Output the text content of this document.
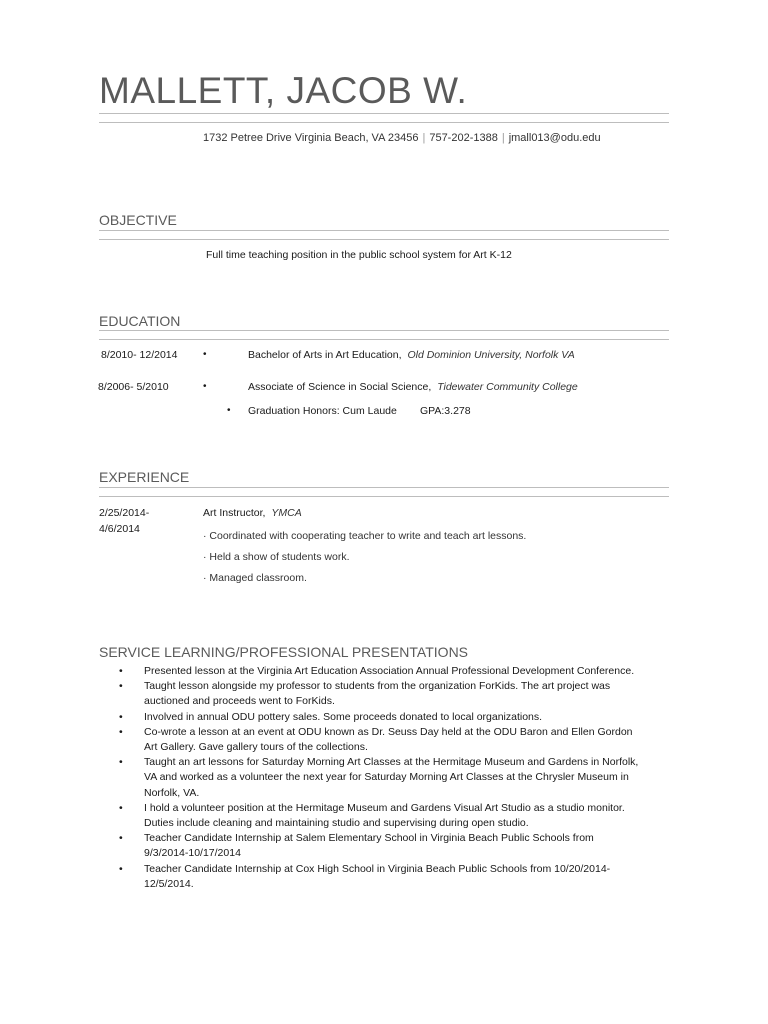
MALLETT, JACOB W.
1732 Petree Drive Virginia Beach, VA 23456 | 757-202-1388 | jmall013@odu.edu
OBJECTIVE
Full time teaching position in the public school system for Art K-12
EDUCATION
8/2010- 12/2014	•	Bachelor of Arts in Art Education, Old Dominion University, Norfolk VA
8/2006- 5/2010	•	Associate of Science in Social Science, Tidewater Community College
• Graduation Honors: Cum Laude GPA:3.278
EXPERIENCE
2/25/2014-
4/6/2014
Art Instructor, YMCA
· Coordinated with cooperating teacher to write and teach art lessons.
· Held a show of students work.
· Managed classroom.
SERVICE LEARNING/PROFESSIONAL PRESENTATIONS
• Presented lesson at the Virginia Art Education Association Annual Professional Development Conference.
• Taught lesson alongside my professor to students from the organization ForKids. The art project was auctioned and proceeds went to ForKids.
• Involved in annual ODU pottery sales. Some proceeds donated to local organizations.
• Co-wrote a lesson at an event at ODU known as Dr. Seuss Day held at the ODU Baron and Ellen Gordon Art Gallery. Gave gallery tours of the collections.
• Taught an art lessons for Saturday Morning Art Classes at the Hermitage Museum and Gardens in Norfolk, VA and worked as a volunteer the next year for Saturday Morning Art Classes at the Chrysler Museum in Norfolk, VA.
• I hold a volunteer position at the Hermitage Museum and Gardens Visual Art Studio as a studio monitor. Duties include cleaning and maintaining studio and supervising during open studio.
• Teacher Candidate Internship at Salem Elementary School in Virginia Beach Public Schools from 9/3/2014-10/17/2014
• Teacher Candidate Internship at Cox High School in Virginia Beach Public Schools from 10/20/2014-12/5/2014.
